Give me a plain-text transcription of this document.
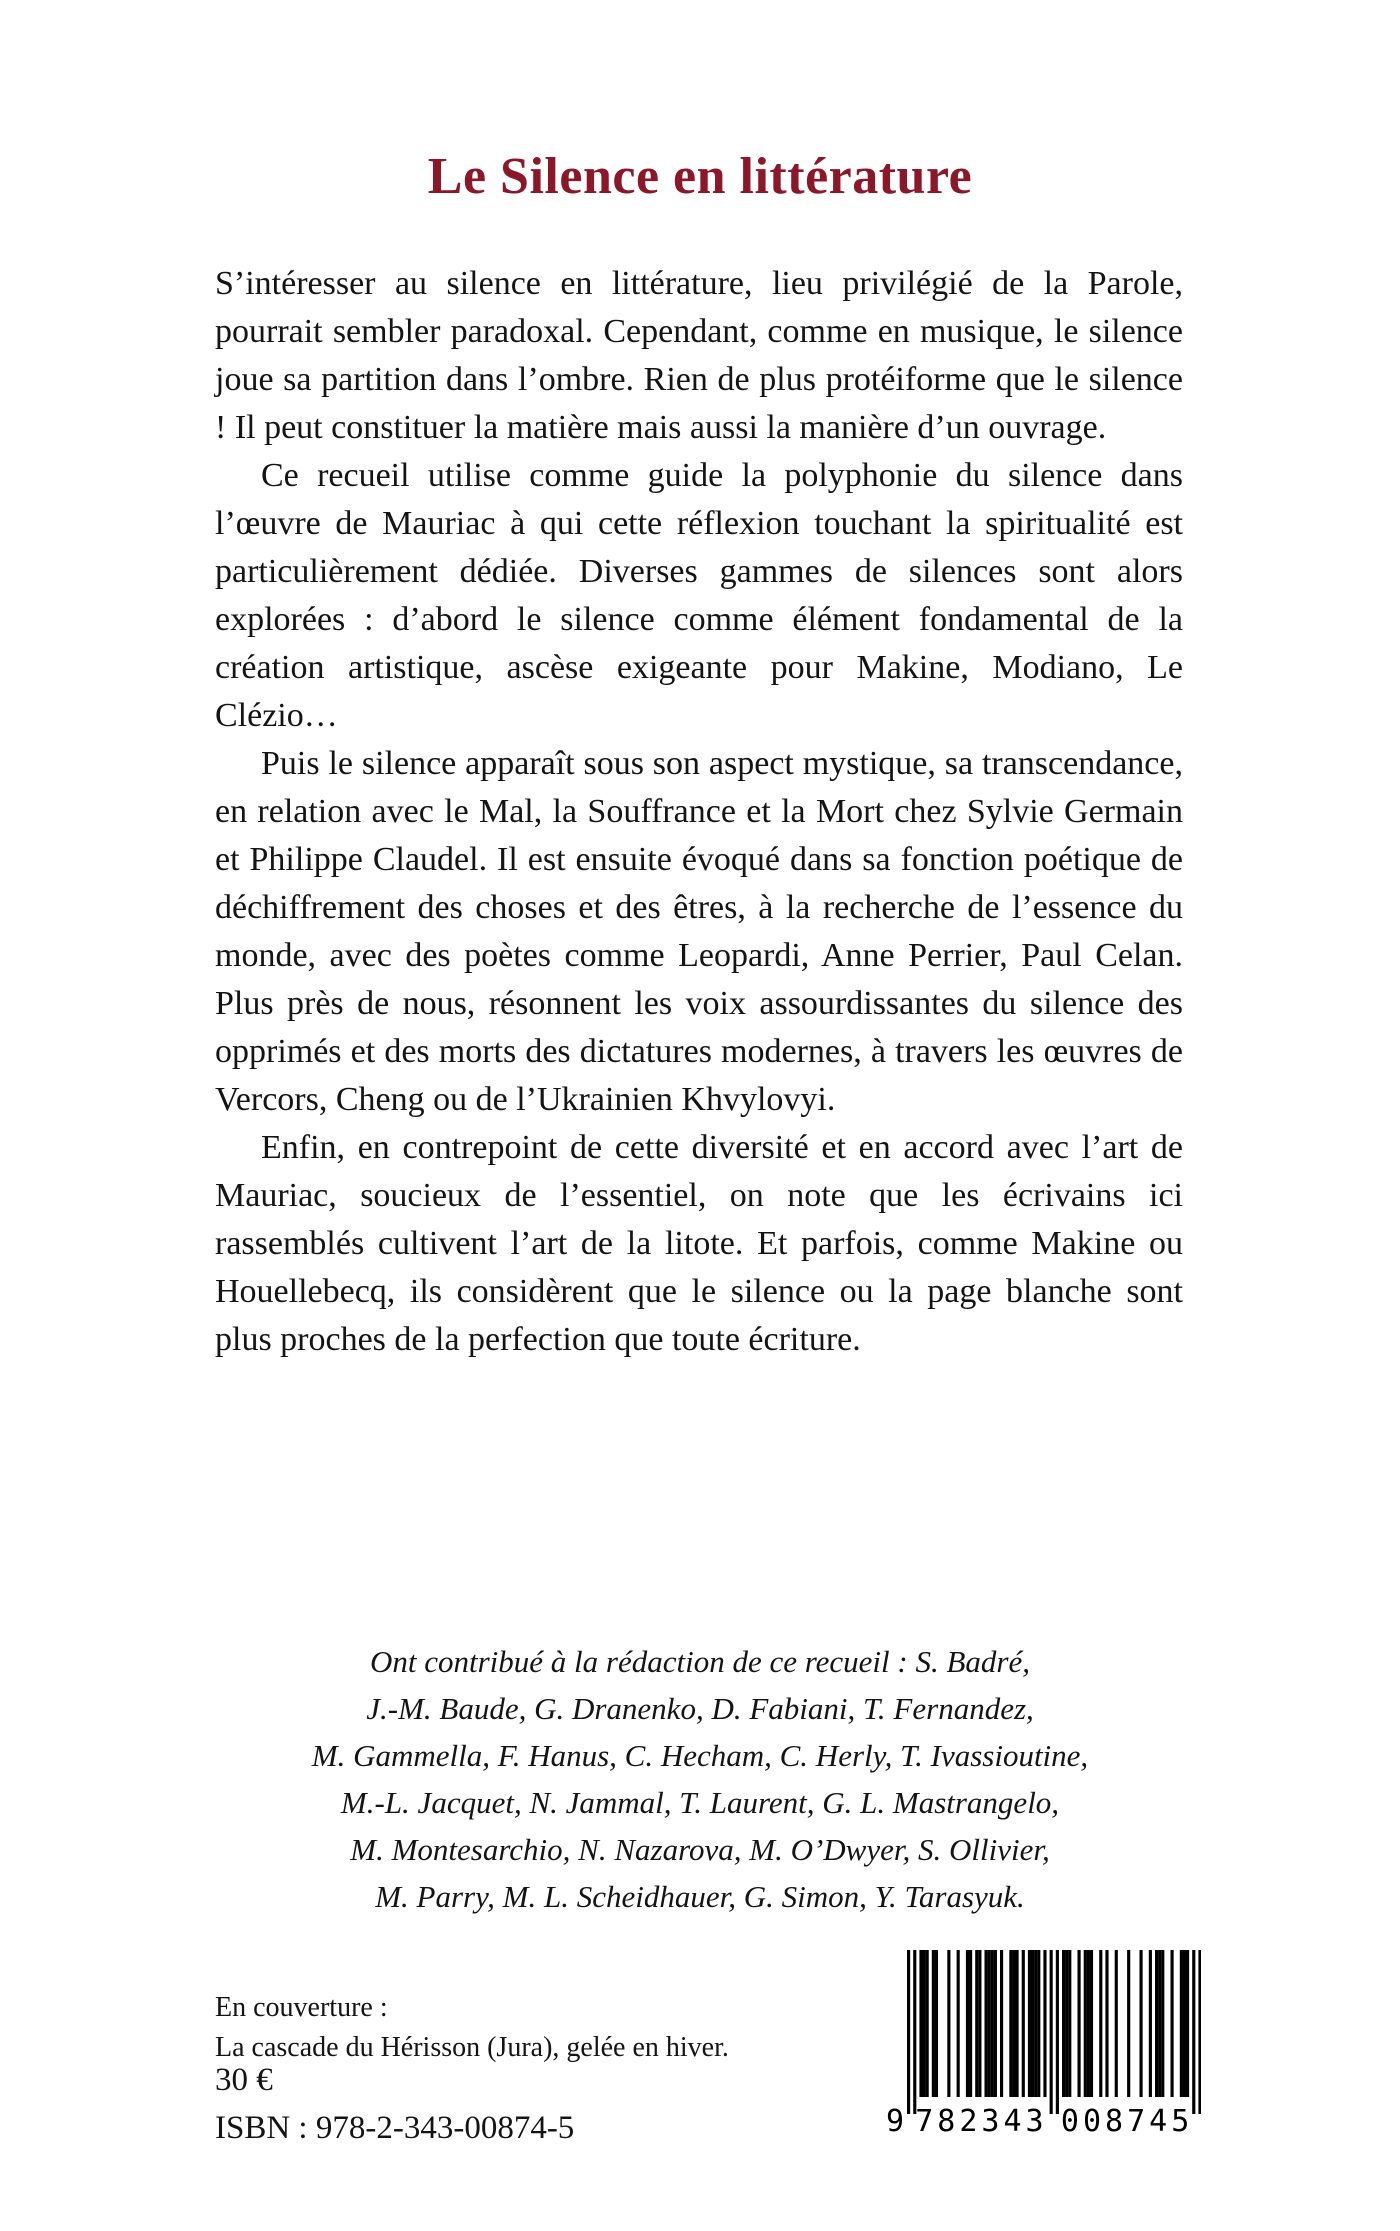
Le Silence en littérature

S’intéresser au silence en littérature, lieu privilégié de la Parole, pourrait sembler paradoxal. Cependant, comme en musique, le silence joue sa partition dans l’ombre. Rien de plus protéiforme que le silence ! Il peut constituer la matière mais aussi la manière d’un ouvrage.

Ce recueil utilise comme guide la polyphonie du silence dans l’œuvre de Mauriac à qui cette réflexion touchant la spiritualité est particulièrement dédiée. Diverses gammes de silences sont alors explorées : d’abord le silence comme élément fondamental de la création artistique, ascèse exigeante pour Makine, Modiano, Le Clézio…

Puis le silence apparaît sous son aspect mystique, sa transcendance, en relation avec le Mal, la Souffrance et la Mort chez Sylvie Germain et Philippe Claudel. Il est ensuite évoqué dans sa fonction poétique de déchiffrement des choses et des êtres, à la recherche de l’essence du monde, avec des poètes comme Leopardi, Anne Perrier, Paul Celan. Plus près de nous, résonnent les voix assourdissantes du silence des opprimés et des morts des dictatures modernes, à travers les œuvres de Vercors, Cheng ou de l’Ukrainien Khvylovyi.

Enfin, en contrepoint de cette diversité et en accord avec l’art de Mauriac, soucieux de l’essentiel, on note que les écrivains ici rassemblés cultivent l’art de la litote. Et parfois, comme Makine ou Houellebecq, ils considèrent que le silence ou la page blanche sont plus proches de la perfection que toute écriture.

Ont contribué à la rédaction de ce recueil : S. Badré,
J.-M. Baude, G. Dranenko, D. Fabiani, T. Fernandez,
M. Gammella, F. Hanus, C. Hecham, C. Herly, T. Ivassioutine,
M.-L. Jacquet, N. Jammal, T. Laurent, G. L. Mastrangelo,
M. Montesarchio, N. Nazarova, M. O’Dwyer, S. Ollivier,
M. Parry, M. L. Scheidhauer, G. Simon, Y. Tarasyuk.
En couverture :
La cascade du Hérisson (Jura), gelée en hiver.
30 €
ISBN : 978-2-343-00874-5	9 782343 008745
